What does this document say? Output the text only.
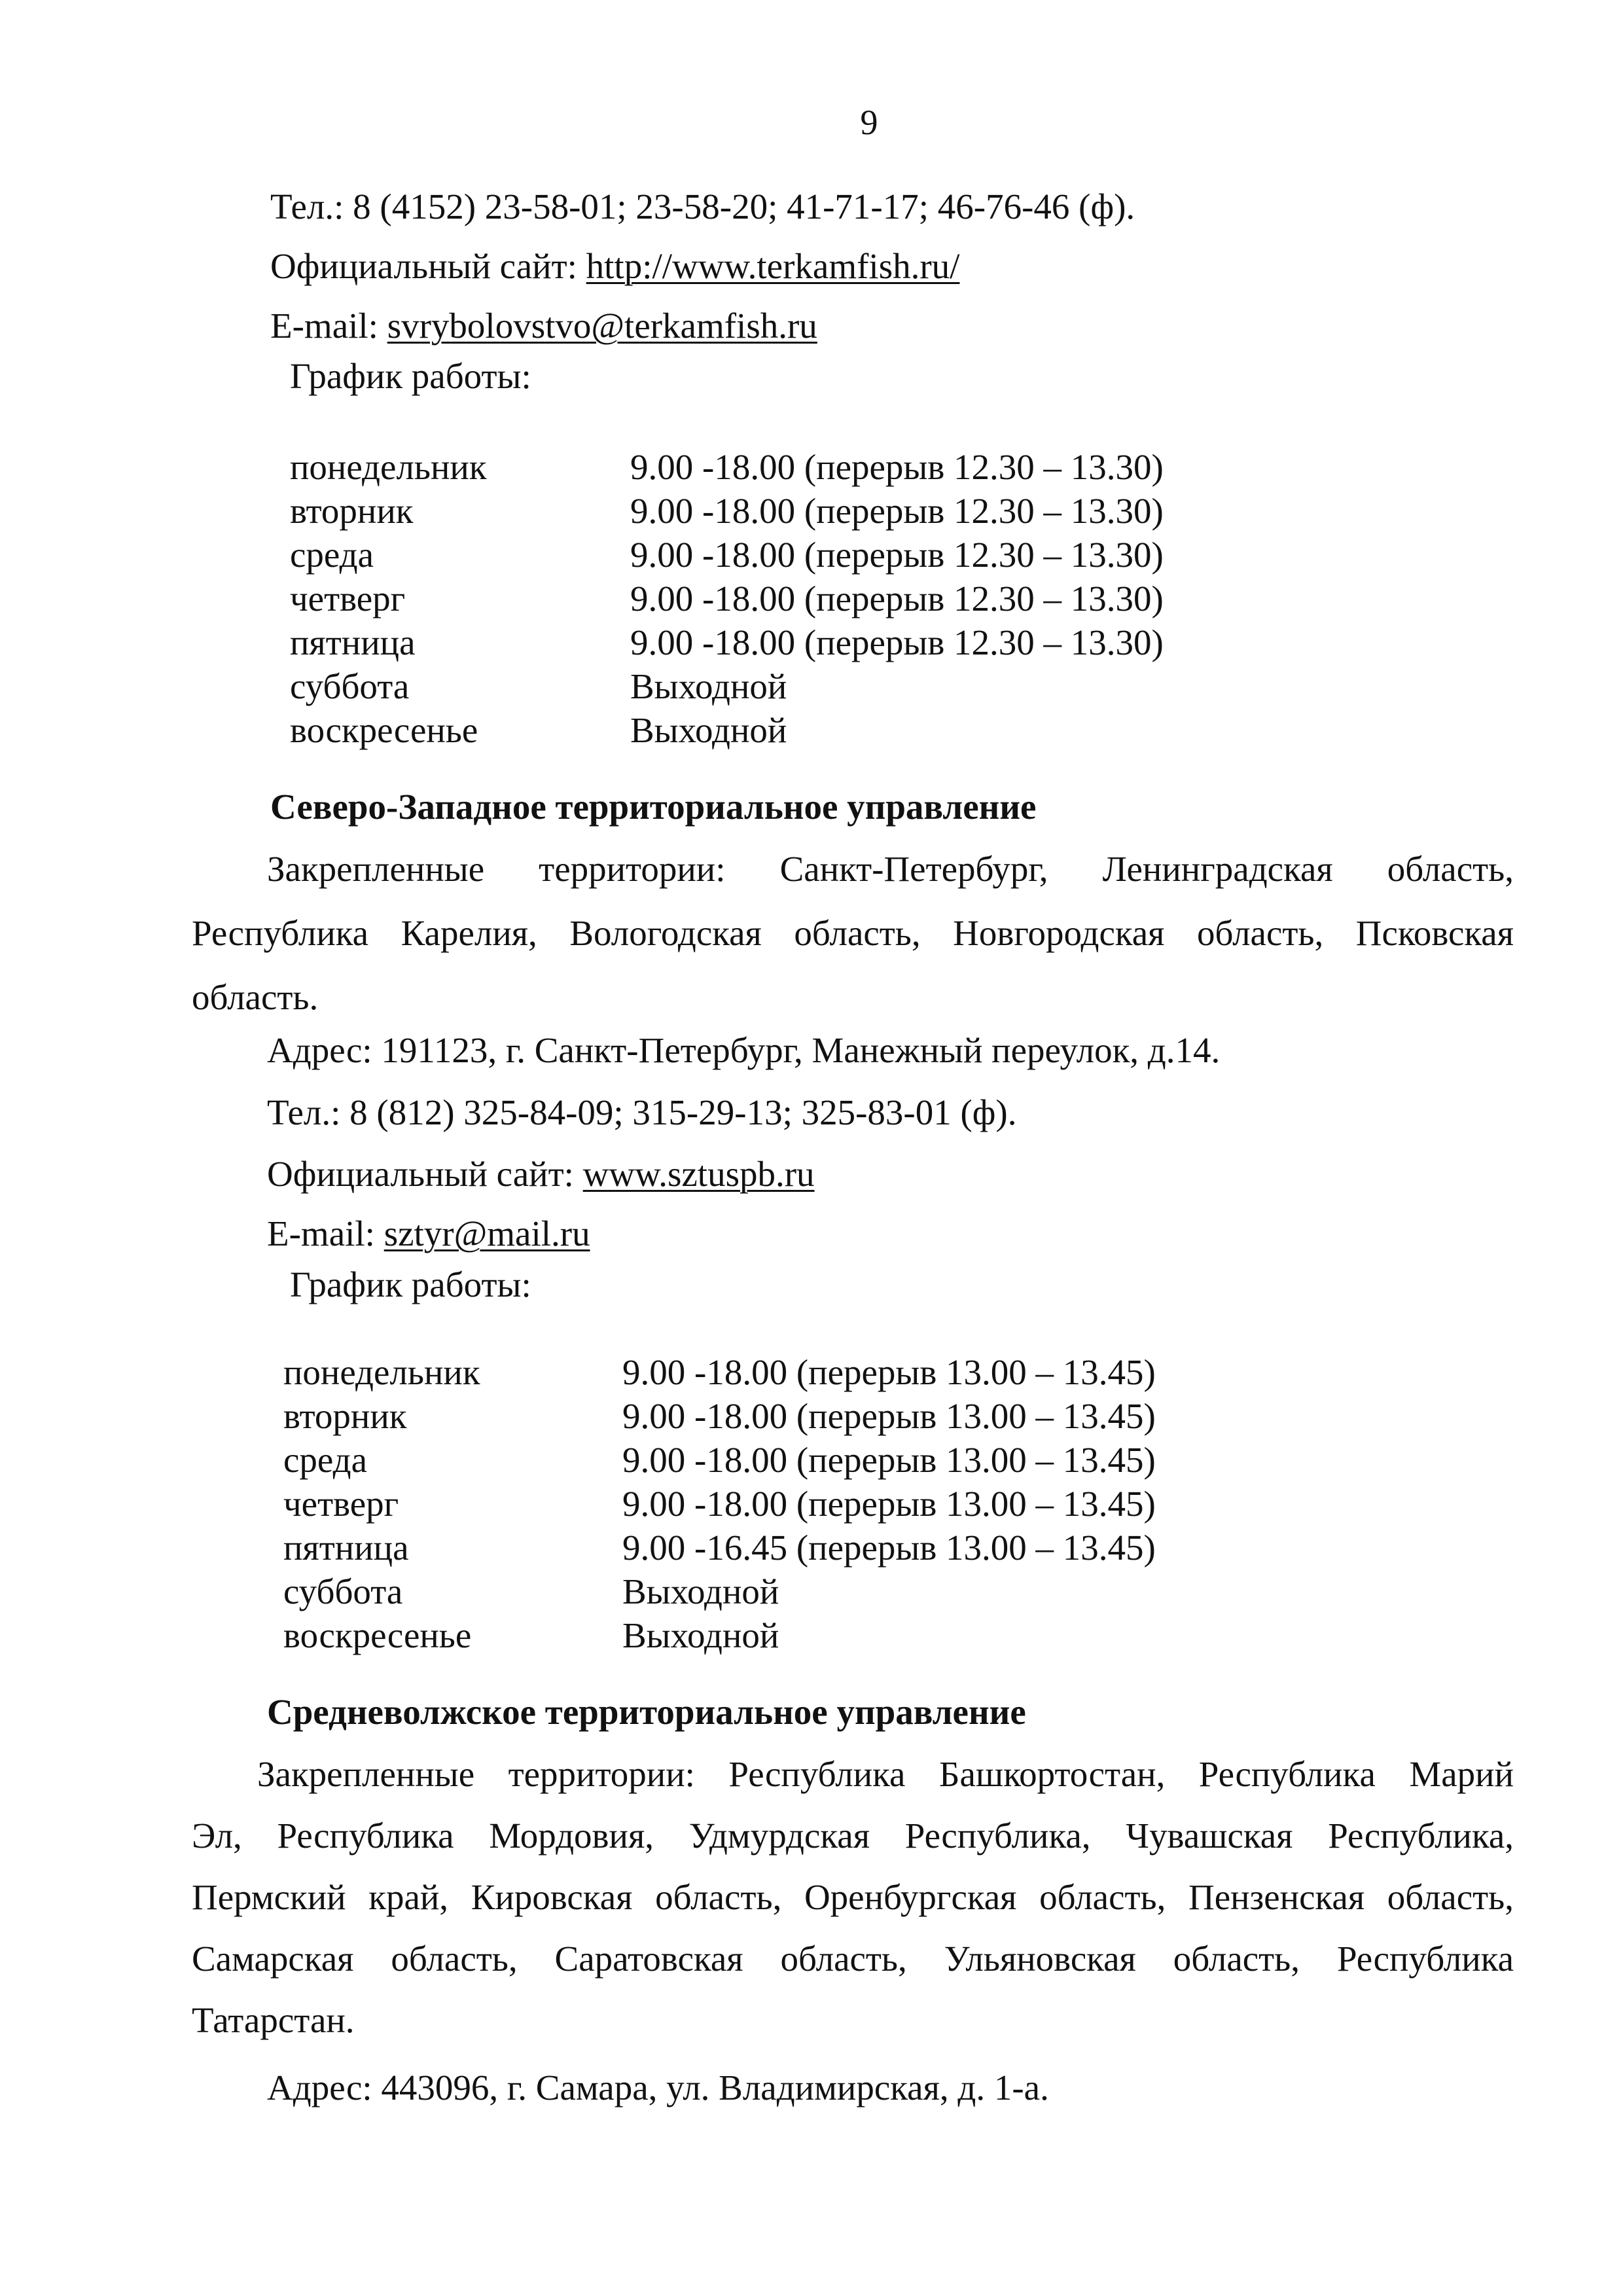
9
Тел.: 8 (4152) 23-58-01; 23-58-20; 41-71-17; 46-76-46 (ф).
Официальный сайт: http://www.terkamfish.ru/
E-mail: svrybolovstvo@terkamfish.ru
График работы:
понедельник	9.00 -18.00 (перерыв 12.30 – 13.30)
вторник	9.00 -18.00 (перерыв 12.30 – 13.30)
среда	9.00 -18.00 (перерыв 12.30 – 13.30)
четверг	9.00 -18.00 (перерыв 12.30 – 13.30)
пятница	9.00 -18.00 (перерыв 12.30 – 13.30)
суббота	Выходной
воскресенье	Выходной
Северо-Западное территориальное управление
Закрепленные территории: Санкт-Петербург, Ленинградская область,
Республика Карелия, Вологодская область, Новгородская область, Псковская
область.
Адрес: 191123, г. Санкт-Петербург, Манежный переулок, д.14.
Тел.: 8 (812) 325-84-09; 315-29-13; 325-83-01 (ф).
Официальный сайт: www.sztuspb.ru
E-mail: sztyr@mail.ru
График работы:
понедельник	9.00 -18.00 (перерыв 13.00 – 13.45)
вторник	9.00 -18.00 (перерыв 13.00 – 13.45)
среда	9.00 -18.00 (перерыв 13.00 – 13.45)
четверг	9.00 -18.00 (перерыв 13.00 – 13.45)
пятница	9.00 -16.45 (перерыв 13.00 – 13.45)
суббота	Выходной
воскресенье	Выходной
Средневолжское территориальное управление
Закрепленные территории: Республика Башкортостан, Республика Марий
Эл, Республика Мордовия, Удмурдская Республика, Чувашская Республика,
Пермский край, Кировская область, Оренбургская область, Пензенская область,
Самарская область, Саратовская область, Ульяновская область, Республика
Татарстан.
Адрес: 443096, г. Самара, ул. Владимирская, д. 1-а.
